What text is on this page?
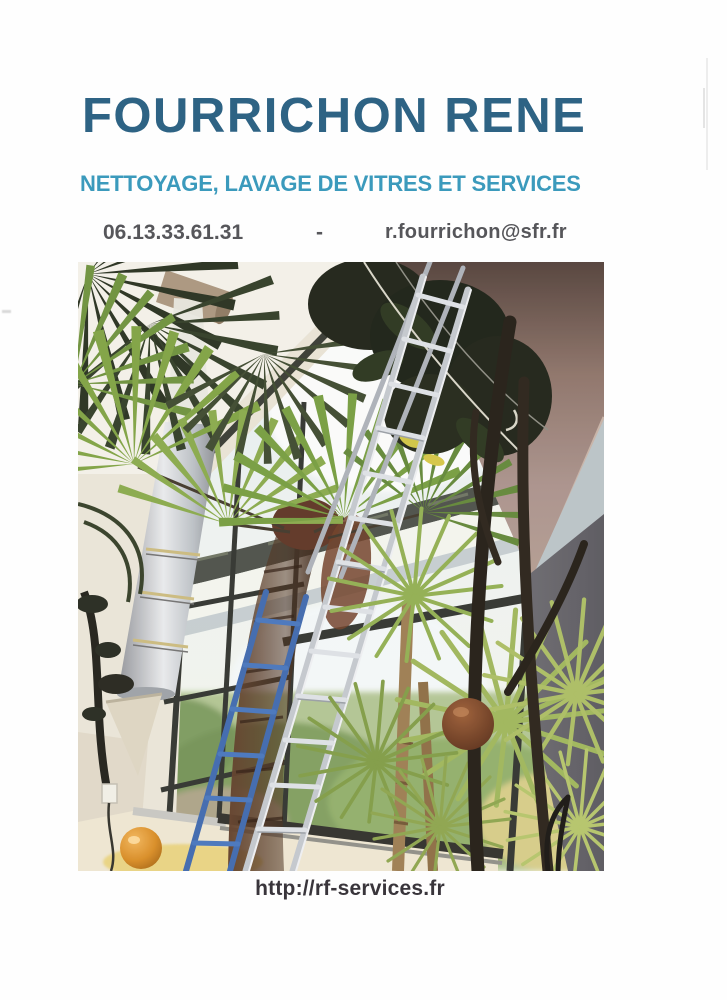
FOURRICHON RENE
NETTOYAGE, LAVAGE DE VITRES ET SERVICES
06.13.33.61.31	-	r.fourrichon@sfr.fr
http://rf-services.fr
